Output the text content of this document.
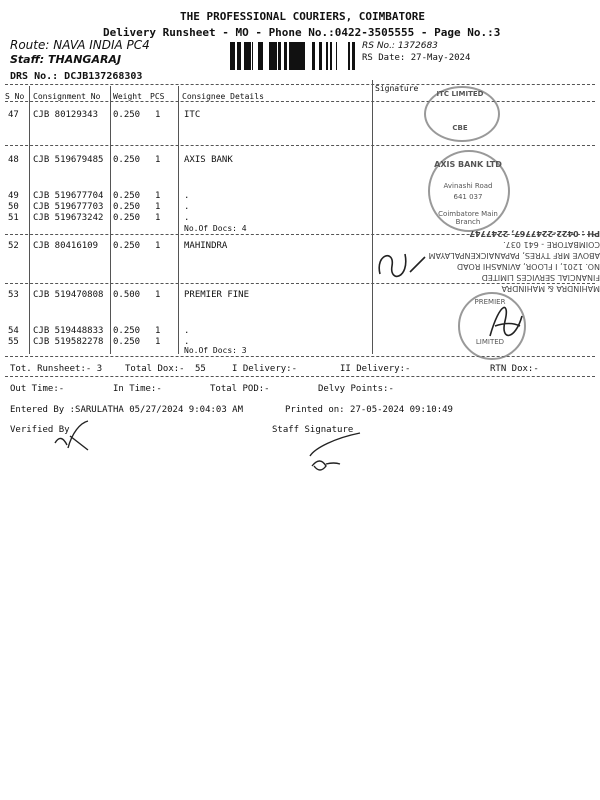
THE PROFESSIONAL COURIERS, COIMBATORE
Delivery Runsheet - MO - Phone No.:0422-3505555 - Page No.:3
Route: NAVA INDIA PC4
Staff: THANGARAJ
DRS No.: DCJB137268303
RS No.: 1372683
RS Date: 27-May-2024
S No Consignment No Weight PCS Consignee Details
Signature
47 CJB 80129343 0.250 1	ITC
48 CJB 519679485 0.250 1	AXIS BANK
49 CJB 519677704 0.250 1	.
50 CJB 519677703 0.250 1	.
51 CJB 519673242 0.250 1	.
No.Of Docs: 4
52 CJB 80416109 0.250 1	MAHINDRA
53 CJB 519470808 0.500 1	PREMIER FINE
54 CJB 519448833 0.250 1	.
55 CJB 519582278 0.250 1	.
No.Of Docs: 3
ITC LIMITED
CBE
AXIS BANK LTD
Avinashi Road
641 037
Coimbatore Main Branch
MAHINDRA & MAHINDRA
FINANCIAL SERVICES LIMITED
NO. 1201, I FLOOR, AVINASHI ROAD
ABOVE MRF TYRES, PAPANAICKENPALAYAM
COIMBATORE - 641 037.
PH : 0422-2247767, 2247747
PREMIER
LIMITED
Tot. Runsheet:- 3	Total Dox:- 55	I Delivery:-	II Delivery:-	RTN Dox:-
Out Time:-	In Time:-	Total POD:-	Delvy Points:-
Entered By :SARULATHA 05/27/2024 9:04:03 AM	Printed on: 27-05-2024 09:10:49
Verified By	Staff Signature
